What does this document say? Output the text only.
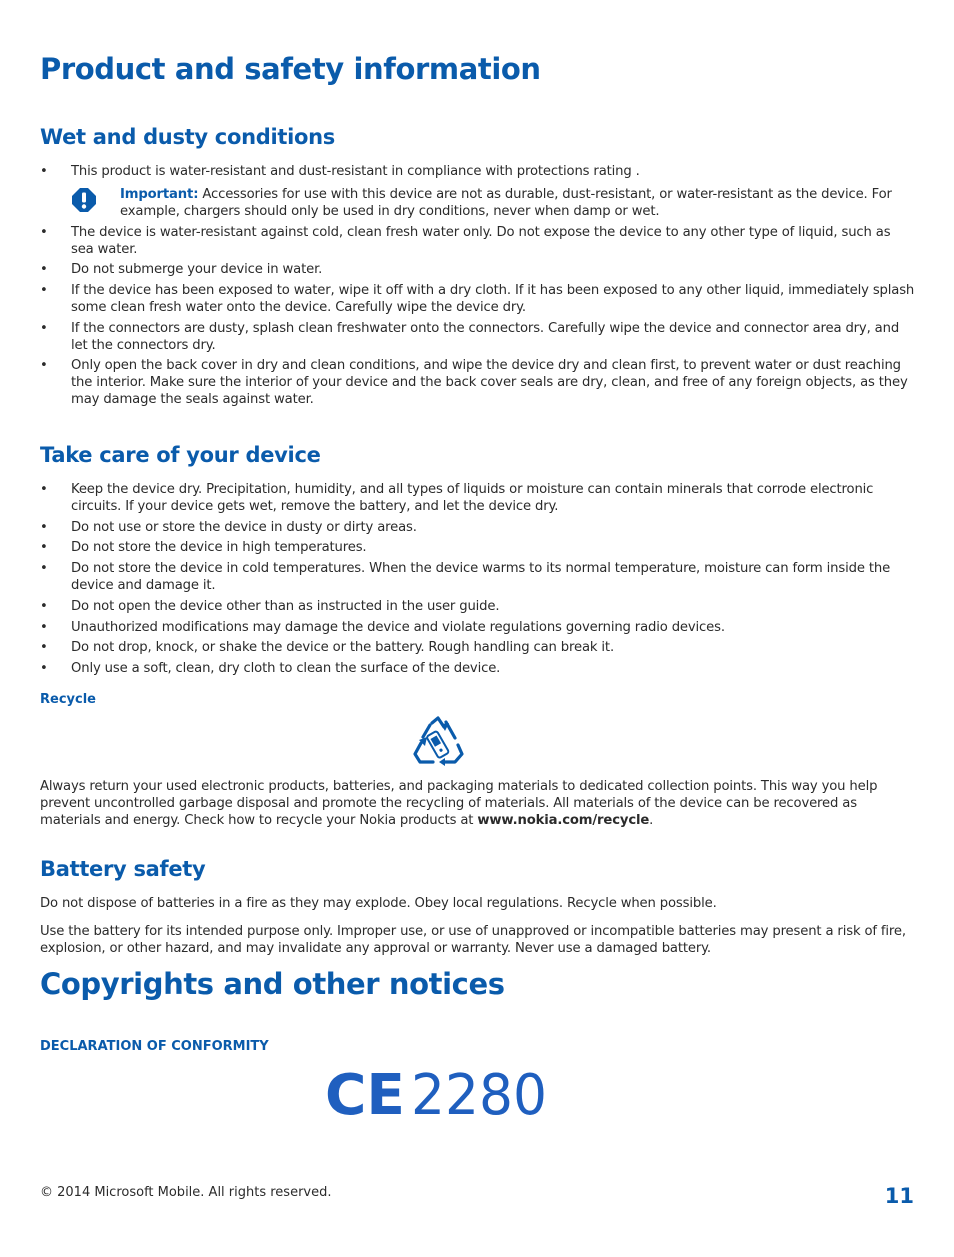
Product and safety information
Wet and dusty conditions
• This product is water-resistant and dust-resistant in compliance with protections rating .
Important: Accessories for use with this device are not as durable, dust-resistant, or water-resistant as the device. For example, chargers should only be used in dry conditions, never when damp or wet.
• The device is water-resistant against cold, clean fresh water only. Do not expose the device to any other type of liquid, such as sea water.
• Do not submerge your device in water.
• If the device has been exposed to water, wipe it off with a dry cloth. If it has been exposed to any other liquid, immediately splash some clean fresh water onto the device. Carefully wipe the device dry.
• If the connectors are dusty, splash clean freshwater onto the connectors. Carefully wipe the device and connector area dry, and let the connectors dry.
• Only open the back cover in dry and clean conditions, and wipe the device dry and clean first, to prevent water or dust reaching the interior. Make sure the interior of your device and the back cover seals are dry, clean, and free of any foreign objects, as they may damage the seals against water.
Take care of your device
• Keep the device dry. Precipitation, humidity, and all types of liquids or moisture can contain minerals that corrode electronic circuits. If your device gets wet, remove the battery, and let the device dry.
• Do not use or store the device in dusty or dirty areas.
• Do not store the device in high temperatures.
• Do not store the device in cold temperatures. When the device warms to its normal temperature, moisture can form inside the device and damage it.
• Do not open the device other than as instructed in the user guide.
• Unauthorized modifications may damage the device and violate regulations governing radio devices.
• Do not drop, knock, or shake the device or the battery. Rough handling can break it.
• Only use a soft, clean, dry cloth to clean the surface of the device.
Recycle

Always return your used electronic products, batteries, and packaging materials to dedicated collection points. This way you help prevent uncontrolled garbage disposal and promote the recycling of materials. All materials of the device can be recovered as materials and energy. Check how to recycle your Nokia products at www.nokia.com/recycle.

Battery safety

Do not dispose of batteries in a fire as they may explode. Obey local regulations. Recycle when possible.

Use the battery for its intended purpose only. Improper use, or use of unapproved or incompatible batteries may present a risk of fire, explosion, or other hazard, and may invalidate any approval or warranty. Never use a damaged battery.

Copyrights and other notices
DECLARATION OF CONFORMITY
© 2014 Microsoft Mobile. All rights reserved.	11
CE 2280
